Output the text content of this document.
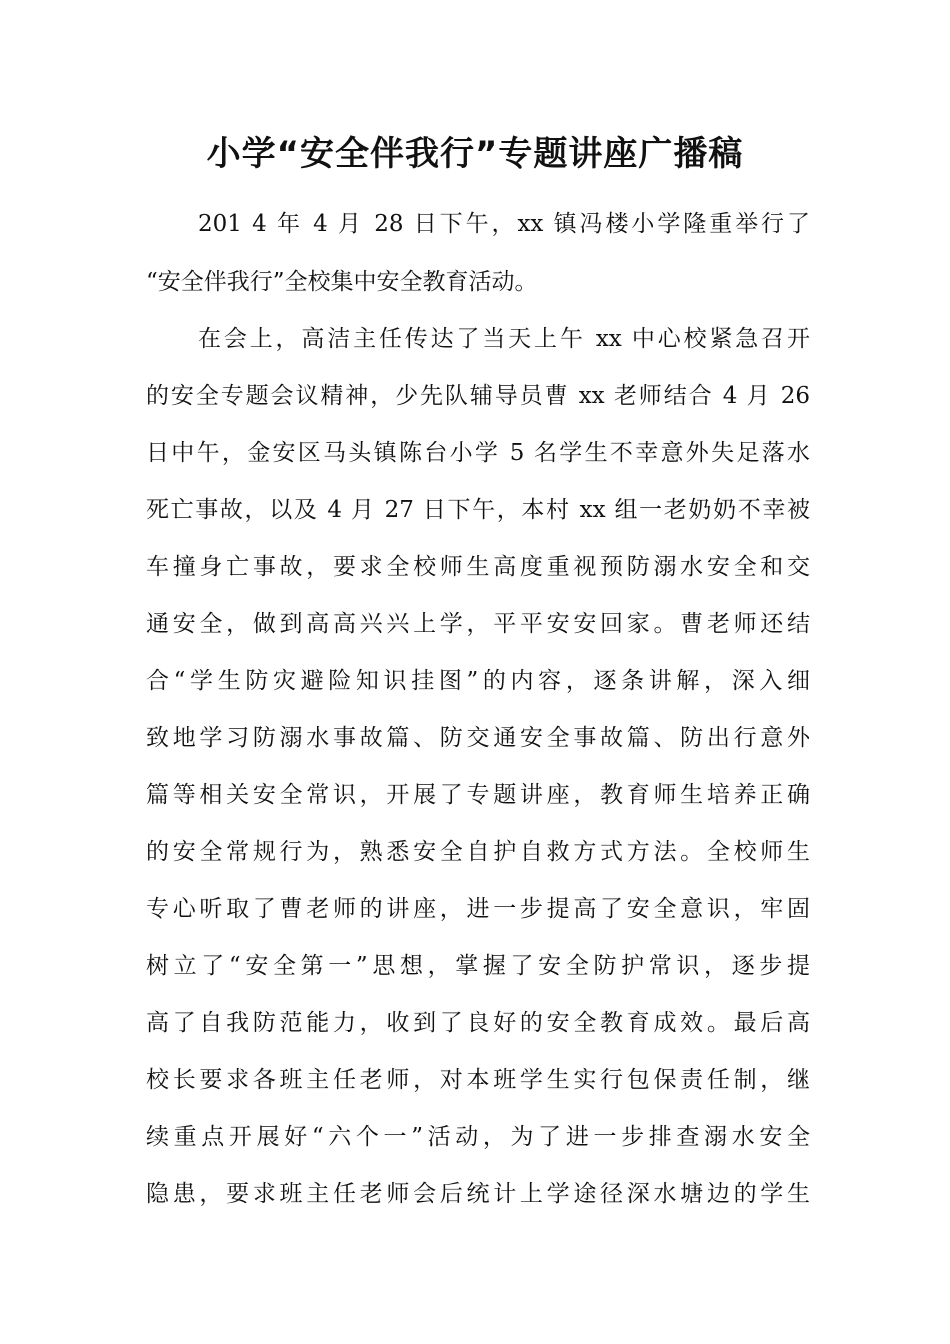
小学“安全伴我行”专题讲座广播稿
201 4 年 4 月 28 日下午，xx 镇冯楼小学隆重举行了
“安全伴我行”全校集中安全教育活动。
在会上，高洁主任传达了当天上午 xx 中心校紧急召开
的安全专题会议精神，少先队辅导员曹 xx 老师结合 4 月 26
日中午，金安区马头镇陈台小学 5 名学生不幸意外失足落水
死亡事故，以及 4 月 27 日下午，本村 xx 组一老奶奶不幸被
车撞身亡事故，要求全校师生高度重视预防溺水安全和交
通安全，做到高高兴兴上学，平平安安回家。曹老师还结
合“学生防灾避险知识挂图”的内容，逐条讲解，深入细
致地学习防溺水事故篇、防交通安全事故篇、防出行意外
篇等相关安全常识，开展了专题讲座，教育师生培养正确
的安全常规行为，熟悉安全自护自救方式方法。全校师生
专心听取了曹老师的讲座，进一步提高了安全意识，牢固
树立了“安全第一”思想，掌握了安全防护常识，逐步提
高了自我防范能力，收到了良好的安全教育成效。最后高
校长要求各班主任老师，对本班学生实行包保责任制，继
续重点开展好“六个一”活动，为了进一步排查溺水安全
隐患，要求班主任老师会后统计上学途径深水塘边的学生
